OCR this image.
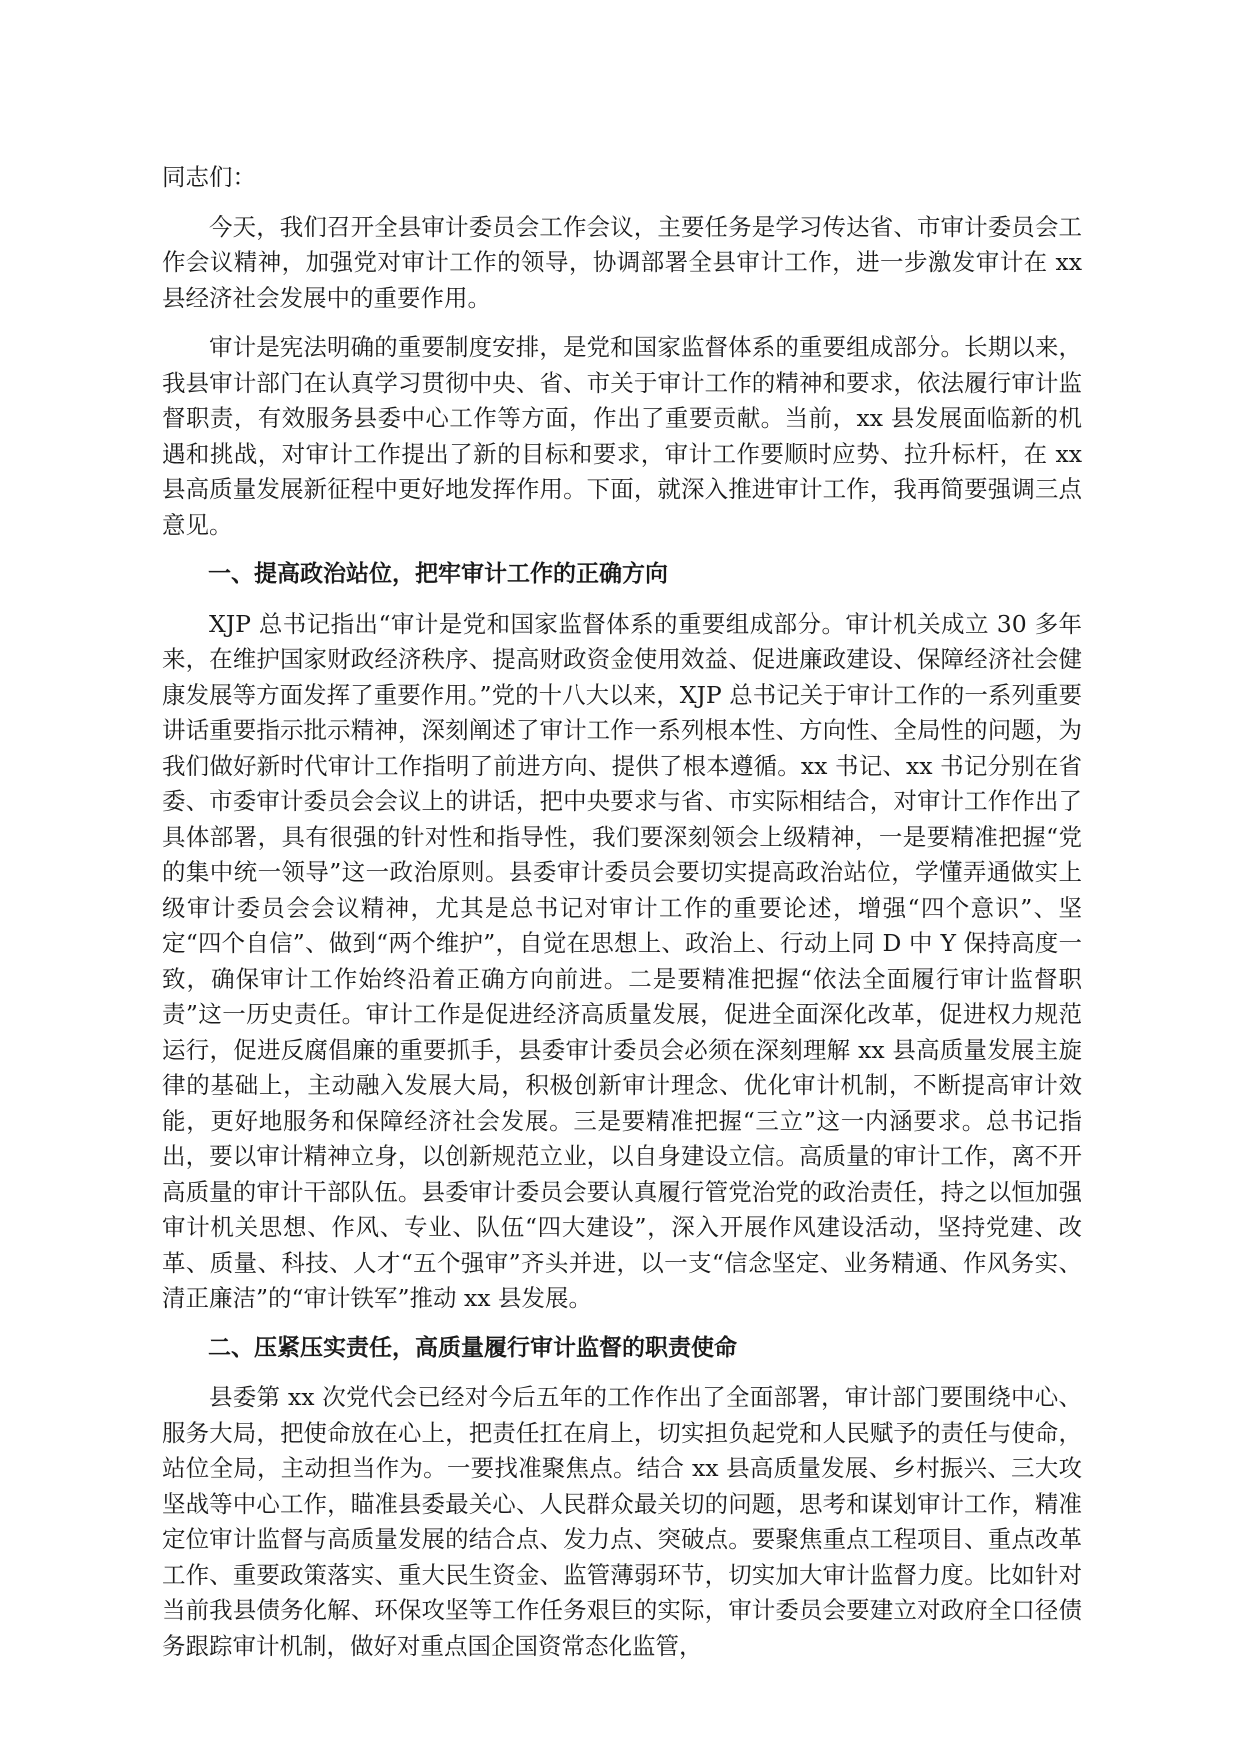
同志们：

今天，我们召开全县审计委员会工作会议，主要任务是学习传达省、市审计委员会工作会议精神，加强党对审计工作的领导，协调部署全县审计工作，进一步激发审计在 xx 县经济社会发展中的重要作用。

审计是宪法明确的重要制度安排，是党和国家监督体系的重要组成部分。长期以来，我县审计部门在认真学习贯彻中央、省、市关于审计工作的精神和要求，依法履行审计监督职责，有效服务县委中心工作等方面，作出了重要贡献。当前，xx 县发展面临新的机遇和挑战，对审计工作提出了新的目标和要求，审计工作要顺时应势、拉升标杆，在 xx 县高质量发展新征程中更好地发挥作用。下面，就深入推进审计工作，我再简要强调三点意见。

一、提高政治站位，把牢审计工作的正确方向

XJP 总书记指出“审计是党和国家监督体系的重要组成部分。审计机关成立 30 多年来，在维护国家财政经济秩序、提高财政资金使用效益、促进廉政建设、保障经济社会健康发展等方面发挥了重要作用。”党的十八大以来，XJP 总书记关于审计工作的一系列重要讲话重要指示批示精神，深刻阐述了审计工作一系列根本性、方向性、全局性的问题，为我们做好新时代审计工作指明了前进方向、提供了根本遵循。xx 书记、xx 书记分别在省委、市委审计委员会会议上的讲话，把中央要求与省、市实际相结合，对审计工作作出了具体部署，具有很强的针对性和指导性，我们要深刻领会上级精神，一是要精准把握“党的集中统一领导”这一政治原则。县委审计委员会要切实提高政治站位，学懂弄通做实上级审计委员会会议精神，尤其是总书记对审计工作的重要论述，增强“四个意识”、坚定“四个自信”、做到“两个维护”，自觉在思想上、政治上、行动上同 D 中 Y 保持高度一致，确保审计工作始终沿着正确方向前进。二是要精准把握“依法全面履行审计监督职责”这一历史责任。审计工作是促进经济高质量发展，促进全面深化改革，促进权力规范运行，促进反腐倡廉的重要抓手，县委审计委员会必须在深刻理解 xx 县高质量发展主旋律的基础上，主动融入发展大局，积极创新审计理念、优化审计机制，不断提高审计效能，更好地服务和保障经济社会发展。三是要精准把握“三立”这一内涵要求。总书记指出，要以审计精神立身，以创新规范立业，以自身建设立信。高质量的审计工作，离不开高质量的审计干部队伍。县委审计委员会要认真履行管党治党的政治责任，持之以恒加强审计机关思想、作风、专业、队伍“四大建设”，深入开展作风建设活动，坚持党建、改革、质量、科技、人才“五个强审”齐头并进，以一支“信念坚定、业务精通、作风务实、清正廉洁”的“审计铁军”推动 xx 县发展。

二、压紧压实责任，高质量履行审计监督的职责使命

县委第 xx 次党代会已经对今后五年的工作作出了全面部署，审计部门要围绕中心、服务大局，把使命放在心上，把责任扛在肩上，切实担负起党和人民赋予的责任与使命，站位全局，主动担当作为。一要找准聚焦点。结合 xx 县高质量发展、乡村振兴、三大攻坚战等中心工作，瞄准县委最关心、人民群众最关切的问题，思考和谋划审计工作，精准定位审计监督与高质量发展的结合点、发力点、突破点。要聚焦重点工程项目、重点改革工作、重要政策落实、重大民生资金、监管薄弱环节，切实加大审计监督力度。比如针对当前我县债务化解、环保攻坚等工作任务艰巨的实际，审计委员会要建立对政府全口径债务跟踪审计机制，做好对重点国企国资常态化监管，
